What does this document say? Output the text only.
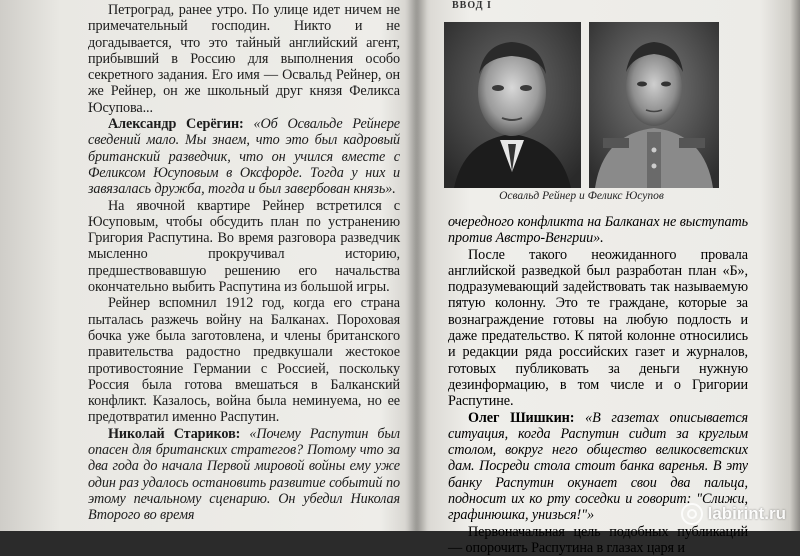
Петроград, ранее утро. По улице идет ничем не примечательный господин. Никто и не догадывается, что это тайный английский агент, прибывший в Россию для выполнения особо секретного задания. Его имя — Освальд Рейнер, он же Рейнер, он же школьный друг князя Феликса Юсупова...

Александр Серёгин: «Об Освальде Рейнере сведений мало. Мы знаем, что это был кадровый британский разведчик, что он учился вместе с Феликсом Юсуповым в Оксфорде. Тогда у них и завязалась дружба, тогда и был завербован князь».

На явочной квартире Рейнер встретился с Юсуповым, чтобы обсудить план по устранению Григория Распутина. Во время разговора разведчик мысленно прокручивал историю, предшествовавшую решению его начальства окончательно выбить Распутина из большой игры.

Рейнер вспомнил 1912 год, когда его страна пыталась разжечь войну на Балканах. Пороховая бочка уже была заготовлена, и члены британского правительства радостно предвкушали жестокое противостояние Германии с Россией, поскольку Россия была готова вмешаться в Балканский конфликт. Казалось, война была неминуема, но ее предотвратил именно Распутин.

Николай Стариков: «Почему Распутин был опасен для британских стратегов? Потому что за два года до начала Первой мировой войны ему уже один раз удалось остановить развитие событий по этому печальному сценарию. Он убедил Николая Второго во время

ВВОД I
Освальд Рейнер и Феликс Юсупов

очередного конфликта на Балканах не выступать против Австро-Венгрии».

После такого неожиданного провала английской разведкой был разработан план «Б», подразумевающий задействовать так называемую пятую колонну. Это те граждане, которые за вознаграждение готовы на любую подлость и даже предательство. К пятой колонне относились и редакции ряда российских газет и журналов, готовых публиковать за деньги нужную дезинформацию, в том числе и о Григории Распутине.

Олег Шишкин: «В газетах описывается ситуация, когда Распутин сидит за круглым столом, вокруг него общество великосветских дам. Посреди стола стоит банка варенья. В эту банку Распутин окунает свои два пальца, подносит их ко рту соседки и говорит: "Слижи, графинюшка, унизься!"»

Первоначальная цель подобных публикаций — опорочить Распутина в глазах царя и

labirint.ru
